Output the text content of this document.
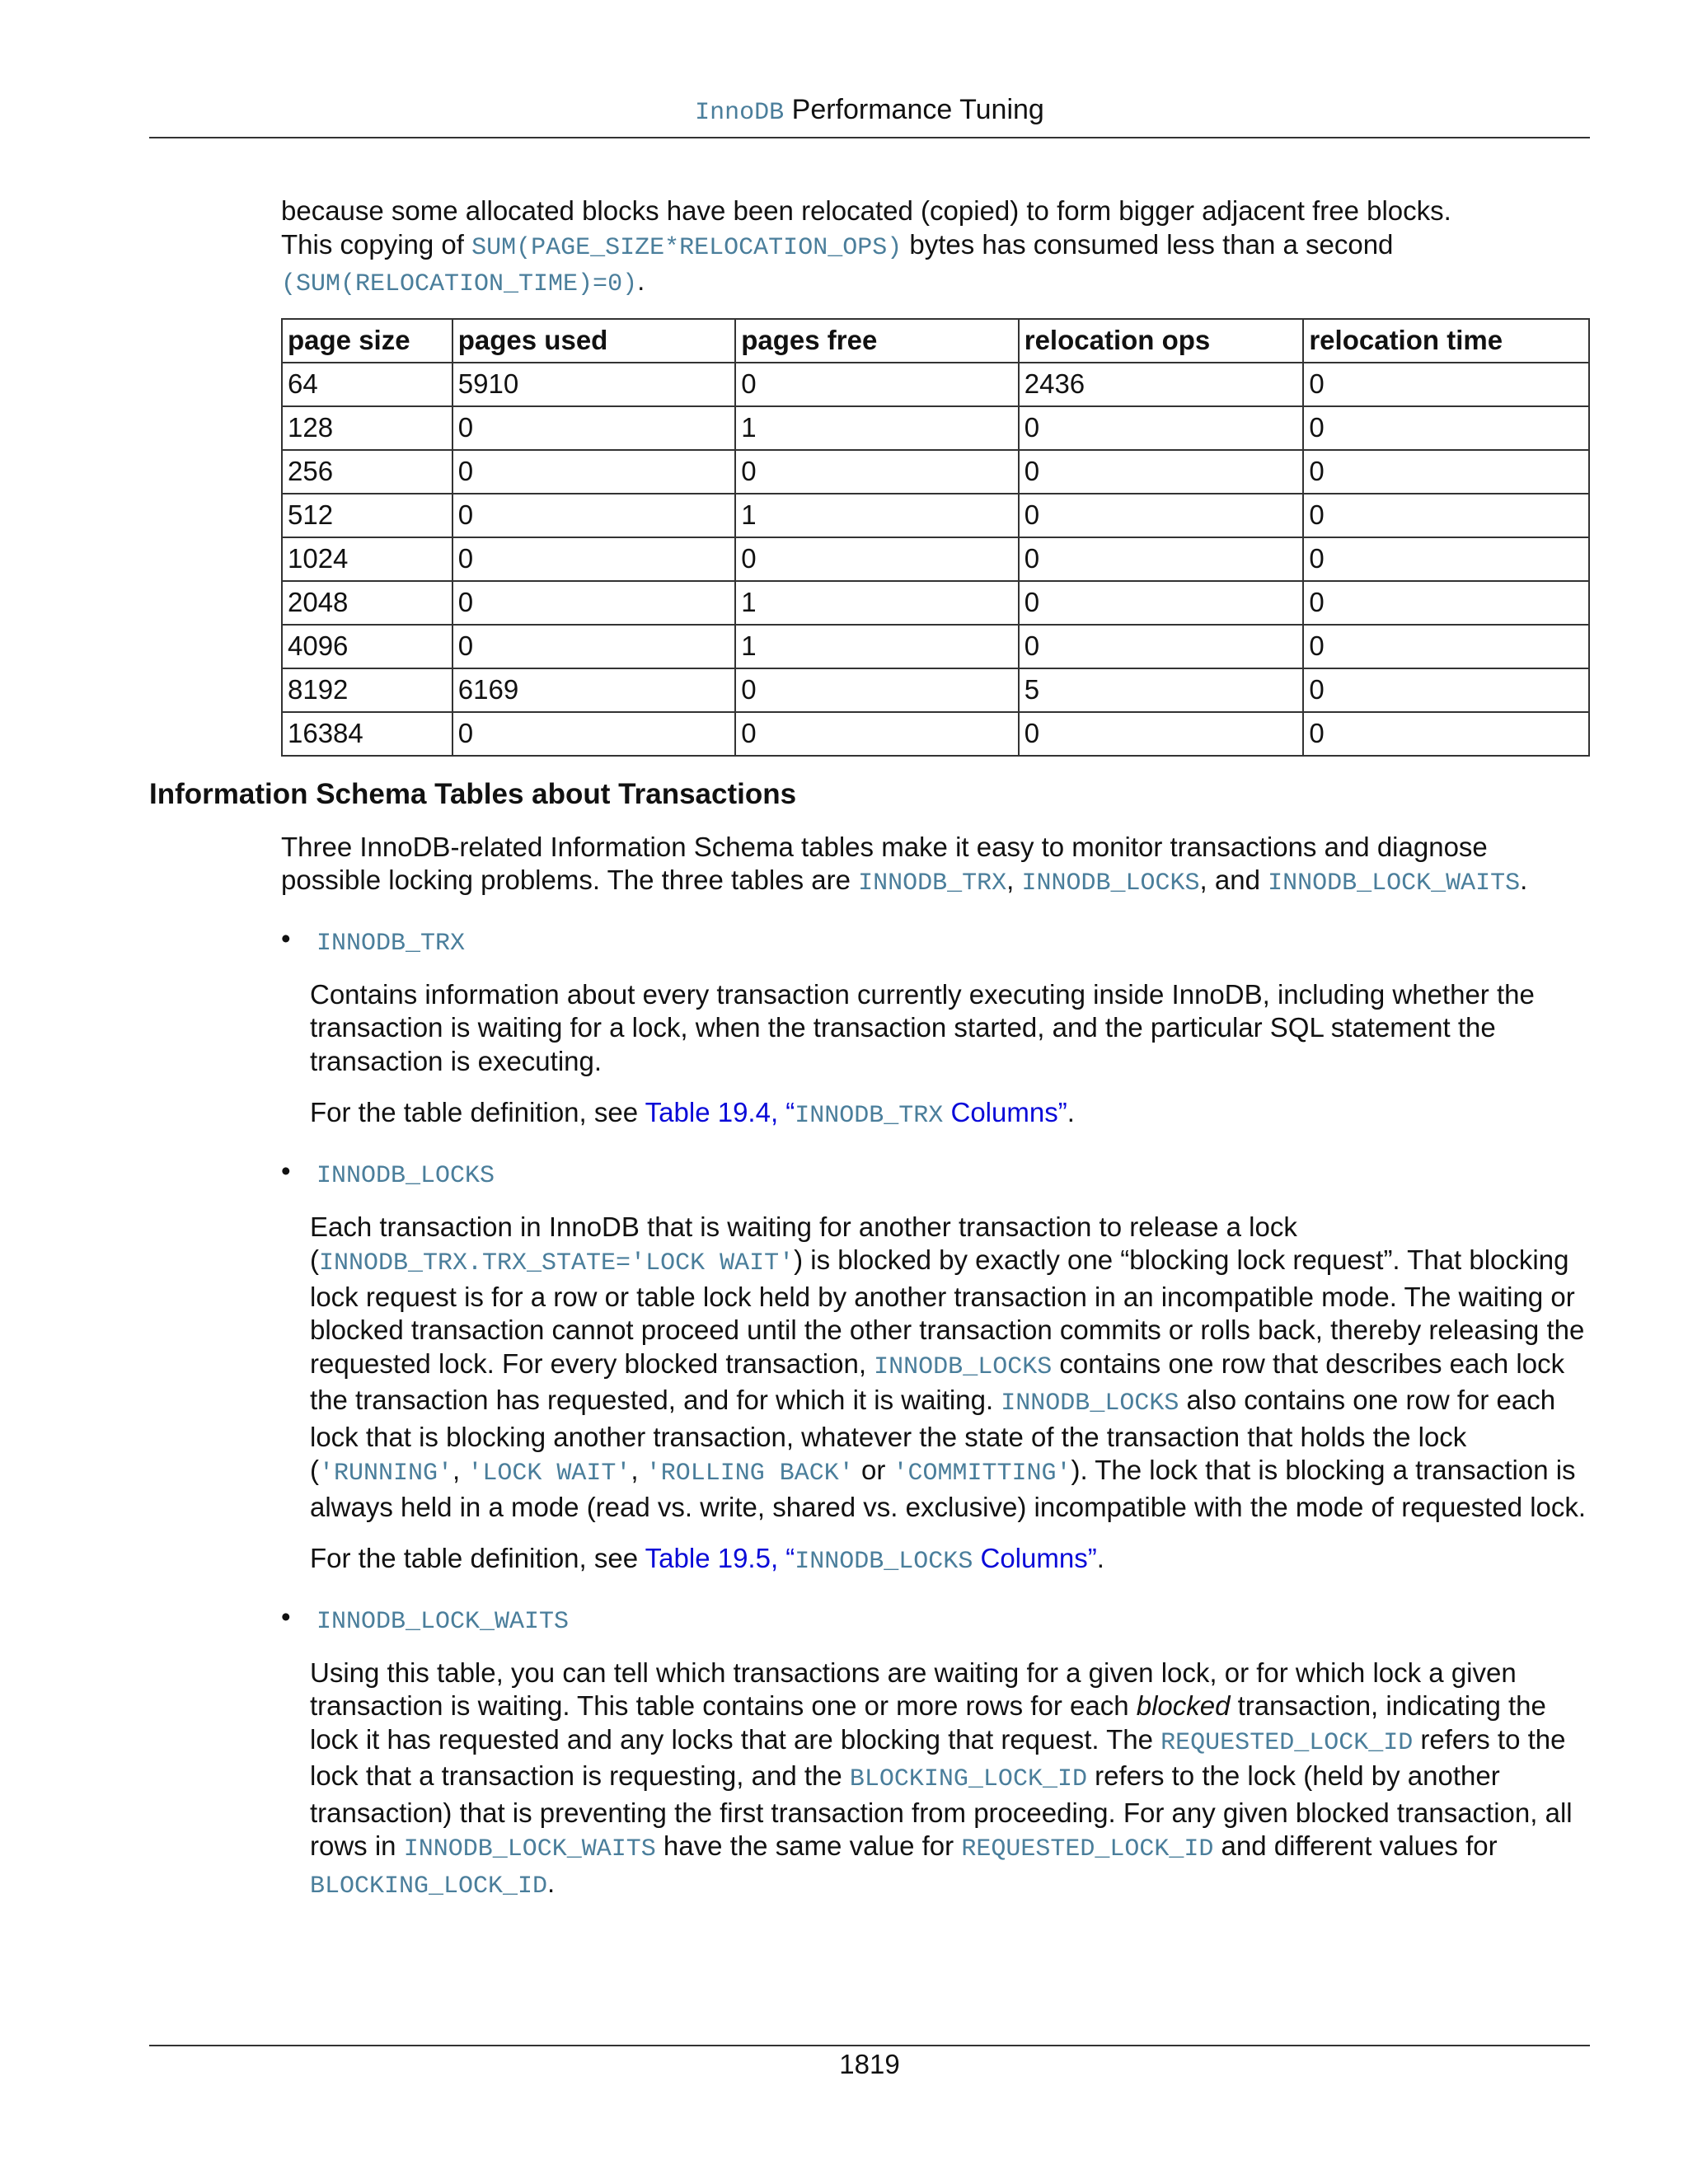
InnoDB Performance Tuning

because some allocated blocks have been relocated (copied) to form bigger adjacent free blocks.
This copying of SUM(PAGE_SIZE*RELOCATION_OPS) bytes has consumed less than a second
(SUM(RELOCATION_TIME)=0).

page size	pages used	pages free	relocation ops	relocation time
64	5910	0	2436	0
128	0	1	0	0
256	0	0	0	0
512	0	1	0	0
1024	0	0	0	0
2048	0	1	0	0
4096	0	1	0	0
8192	6169	0	5	0
16384	0	0	0	0
Information Schema Tables about Transactions

Three InnoDB-related Information Schema tables make it easy to monitor transactions and diagnose possible locking problems. The three tables are INNODB_TRX, INNODB_LOCKS, and INNODB_LOCK_WAITS.

• INNODB_TRX

Contains information about every transaction currently executing inside InnoDB, including whether the transaction is waiting for a lock, when the transaction started, and the particular SQL statement the transaction is executing.

For the table definition, see Table 19.4, “INNODB_TRX Columns”.

• INNODB_LOCKS

Each transaction in InnoDB that is waiting for another transaction to release a lock (INNODB_TRX.TRX_STATE='LOCK WAIT') is blocked by exactly one “blocking lock request”. That blocking lock request is for a row or table lock held by another transaction in an incompatible mode. The waiting or blocked transaction cannot proceed until the other transaction commits or rolls back, thereby releasing the requested lock. For every blocked transaction, INNODB_LOCKS contains one row that describes each lock the transaction has requested, and for which it is waiting. INNODB_LOCKS also contains one row for each lock that is blocking another transaction, whatever the state of the transaction that holds the lock ('RUNNING', 'LOCK WAIT', 'ROLLING BACK' or 'COMMITTING'). The lock that is blocking a transaction is always held in a mode (read vs. write, shared vs. exclusive) incompatible with the mode of requested lock.

For the table definition, see Table 19.5, “INNODB_LOCKS Columns”.

• INNODB_LOCK_WAITS

Using this table, you can tell which transactions are waiting for a given lock, or for which lock a given transaction is waiting. This table contains one or more rows for each blocked transaction, indicating the lock it has requested and any locks that are blocking that request. The REQUESTED_LOCK_ID refers to the lock that a transaction is requesting, and the BLOCKING_LOCK_ID refers to the lock (held by another transaction) that is preventing the first transaction from proceeding. For any given blocked transaction, all rows in INNODB_LOCK_WAITS have the same value for REQUESTED_LOCK_ID and different values for BLOCKING_LOCK_ID.

1819
